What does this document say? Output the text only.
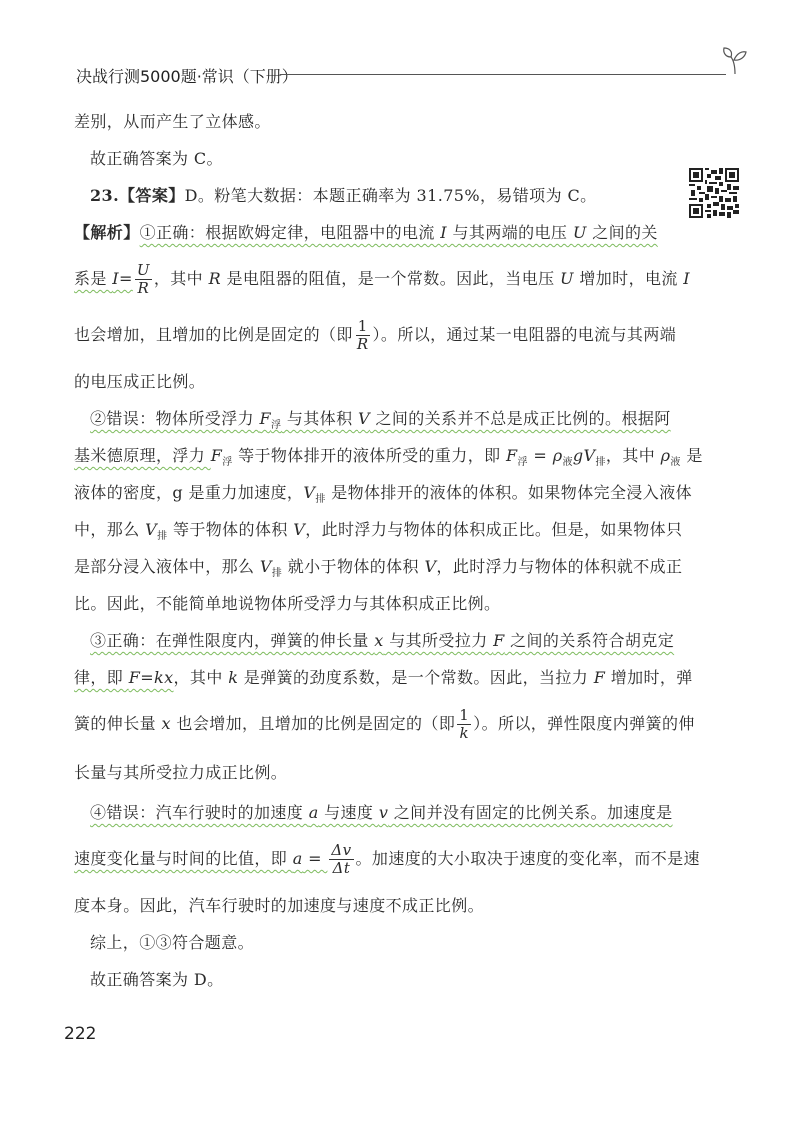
决战行测5000题·常识（下册）
差别，从而产生了立体感。
故正确答案为 C。
23.【答案】D。粉笔大数据：本题正确率为 31.75%，易错项为 C。
【解析】①正确：根据欧姆定律，电阻器中的电流 I 与其两端的电压 U 之间的关
系是 $I= \frac{U}{R}$ ，其中 R 是电阻器的阻值，是一个常数。因此，当电压 U 增加时，电流 I
也会增加，且增加的比例是固定的（即 $\frac{1}{R}$ ）。所以，通过某一电阻器的电流与其两端
的电压成正比例。
②错误：物体所受浮力 $F_浮$ 与其体积 V 之间的关系并不总是成正比例的。根据阿
基米德原理，浮力 $F_浮$ 等于物体排开的液体所受的重力，即 $F_浮 = \rho_液gV_排$，其中 $\rho_液$ 是
液体的密度，g 是重力加速度，$V_排$ 是物体排开的液体的体积。如果物体完全浸入液体
中，那么 $V_排$ 等于物体的体积 V，此时浮力与物体的体积成正比。但是，如果物体只
是部分浸入液体中，那么 $V_排$ 就小于物体的体积 V，此时浮力与物体的体积就不成正
比。因此，不能简单地说物体所受浮力与其体积成正比例。
③正确：在弹性限度内，弹簧的伸长量 x 与其所受拉力 F 之间的关系符合胡克定
律，即 F=kx，其中 k 是弹簧的劲度系数，是一个常数。因此，当拉力 F 增加时，弹
簧的伸长量 x 也会增加，且增加的比例是固定的（即 $\frac{1}{k}$ ）。所以，弹性限度内弹簧的伸
长量与其所受拉力成正比例。
④错误：汽车行驶时的加速度 a 与速度 v 之间并没有固定的比例关系。加速度是
速度变化量与时间的比值，即 $a = \frac{\Delta v}{\Delta t}$ 。加速度的大小取决于速度的变化率，而不是速
度本身。因此，汽车行驶时的加速度与速度不成正比例。
综上，①③符合题意。
故正确答案为 D。
222
